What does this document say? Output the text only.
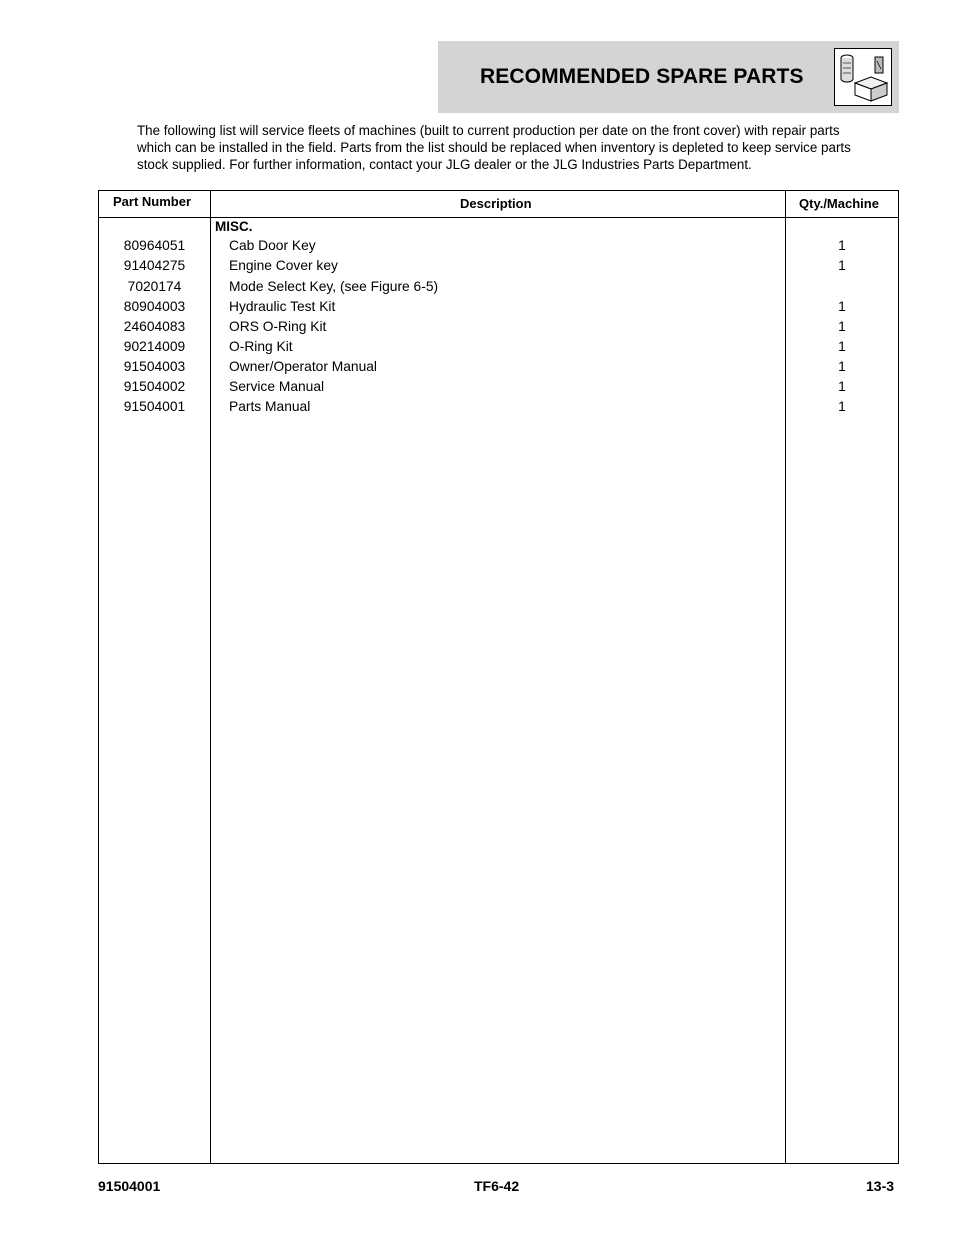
RECOMMENDED SPARE PARTS
The following list will service fleets of machines (built to current production per date on the front cover) with repair parts which can be installed in the field. Parts from the list should be replaced when inventory is depleted to keep service parts stock supplied. For further information, contact your JLG dealer or the JLG Industries Parts Department.
Part Number	Description	Qty./Machine
MISC.
80964051	Cab Door Key	1
91404275	Engine Cover key	1
7020174	Mode Select Key, (see Figure 6-5)
80904003	Hydraulic Test Kit	1
24604083	ORS O-Ring Kit	1
90214009	O-Ring Kit	1
91504003	Owner/Operator Manual	1
91504002	Service Manual	1
91504001	Parts Manual	1
91504001	TF6-42	13-3
